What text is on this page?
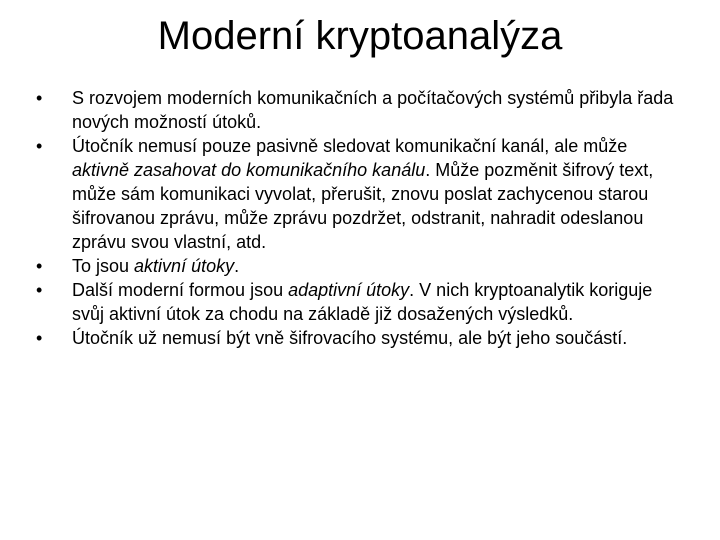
Moderní kryptoanalýza
•	S rozvojem moderních komunikačních a počítačových systémů přibyla řada nových možností útoků.
•	Útočník nemusí pouze pasivně sledovat komunikační kanál, ale může aktivně zasahovat do komunikačního kanálu. Může pozměnit šifrový text, může sám komunikaci vyvolat, přerušit, znovu poslat zachycenou starou šifrovanou zprávu, může zprávu pozdržet, odstranit, nahradit odeslanou zprávu svou vlastní, atd.
•	To jsou aktivní útoky.
•	Další moderní formou jsou adaptivní útoky. V nich kryptoanalytik koriguje svůj aktivní útok za chodu na základě již dosažených výsledků.
•	Útočník už nemusí být vně šifrovacího systému, ale být jeho součástí.
